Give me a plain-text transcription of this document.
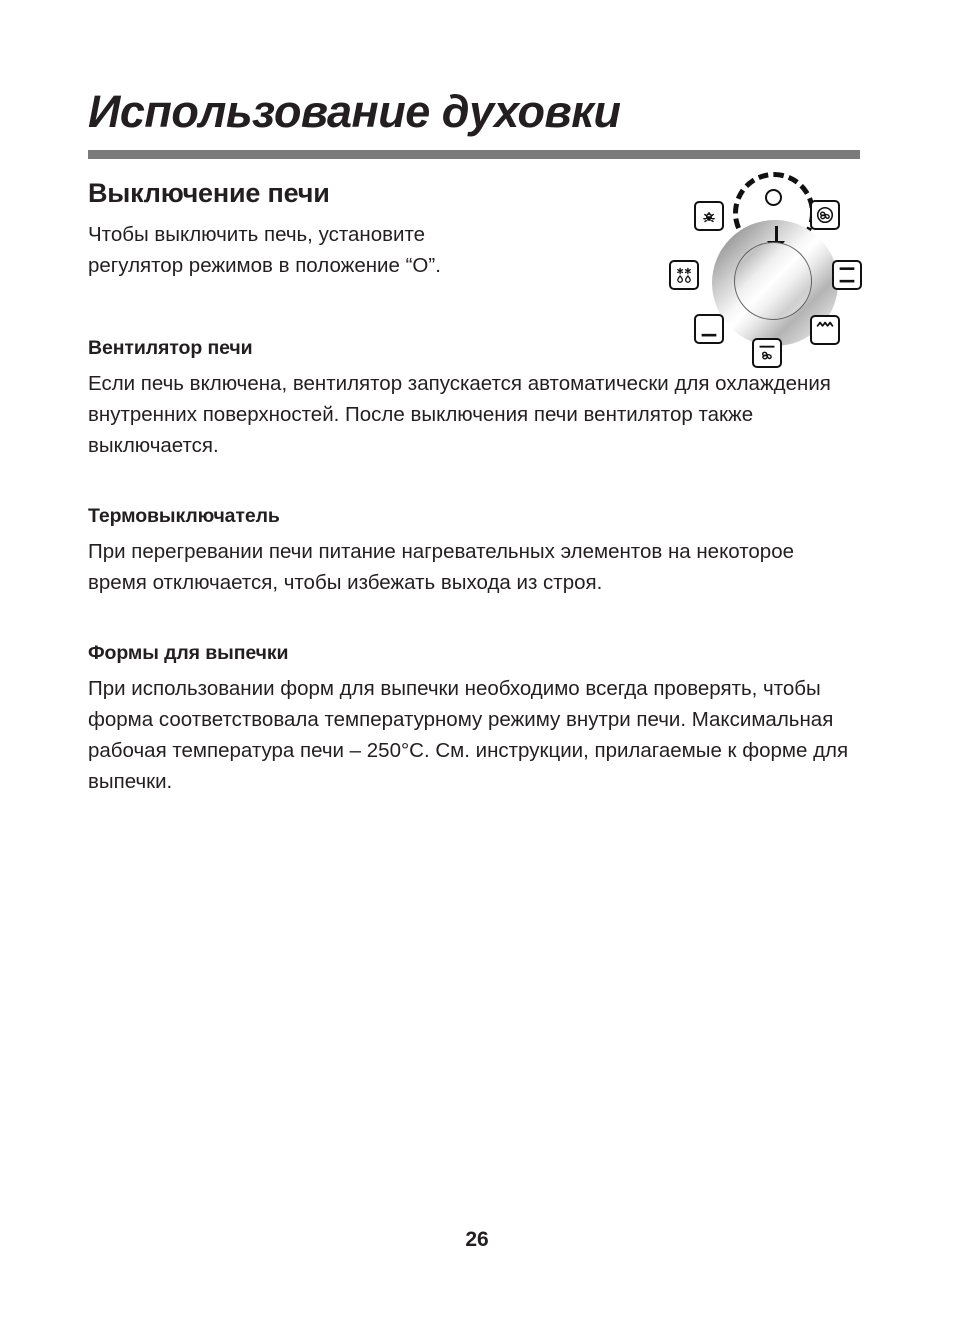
Использование духовки
Выключение печи

Чтобы выключить печь, установите регулятор режимов в положение “O”.

Вентилятор печи

Если печь включена, вентилятор запускается автоматически для охлаждения внутренних поверхностей. После выключения печи вентилятор также выключается.

Термовыключатель

При перегревании печи питание нагревательных элементов на некоторое время отключается, чтобы избежать выхода из строя.

Формы для выпечки

При использовании форм для выпечки необходимо всегда проверять, чтобы форма соответствовала температурному режиму внутри печи. Максимальная рабочая температура печи – 250°C. См. инструкции, прилагаемые к форме для выпечки.

26
